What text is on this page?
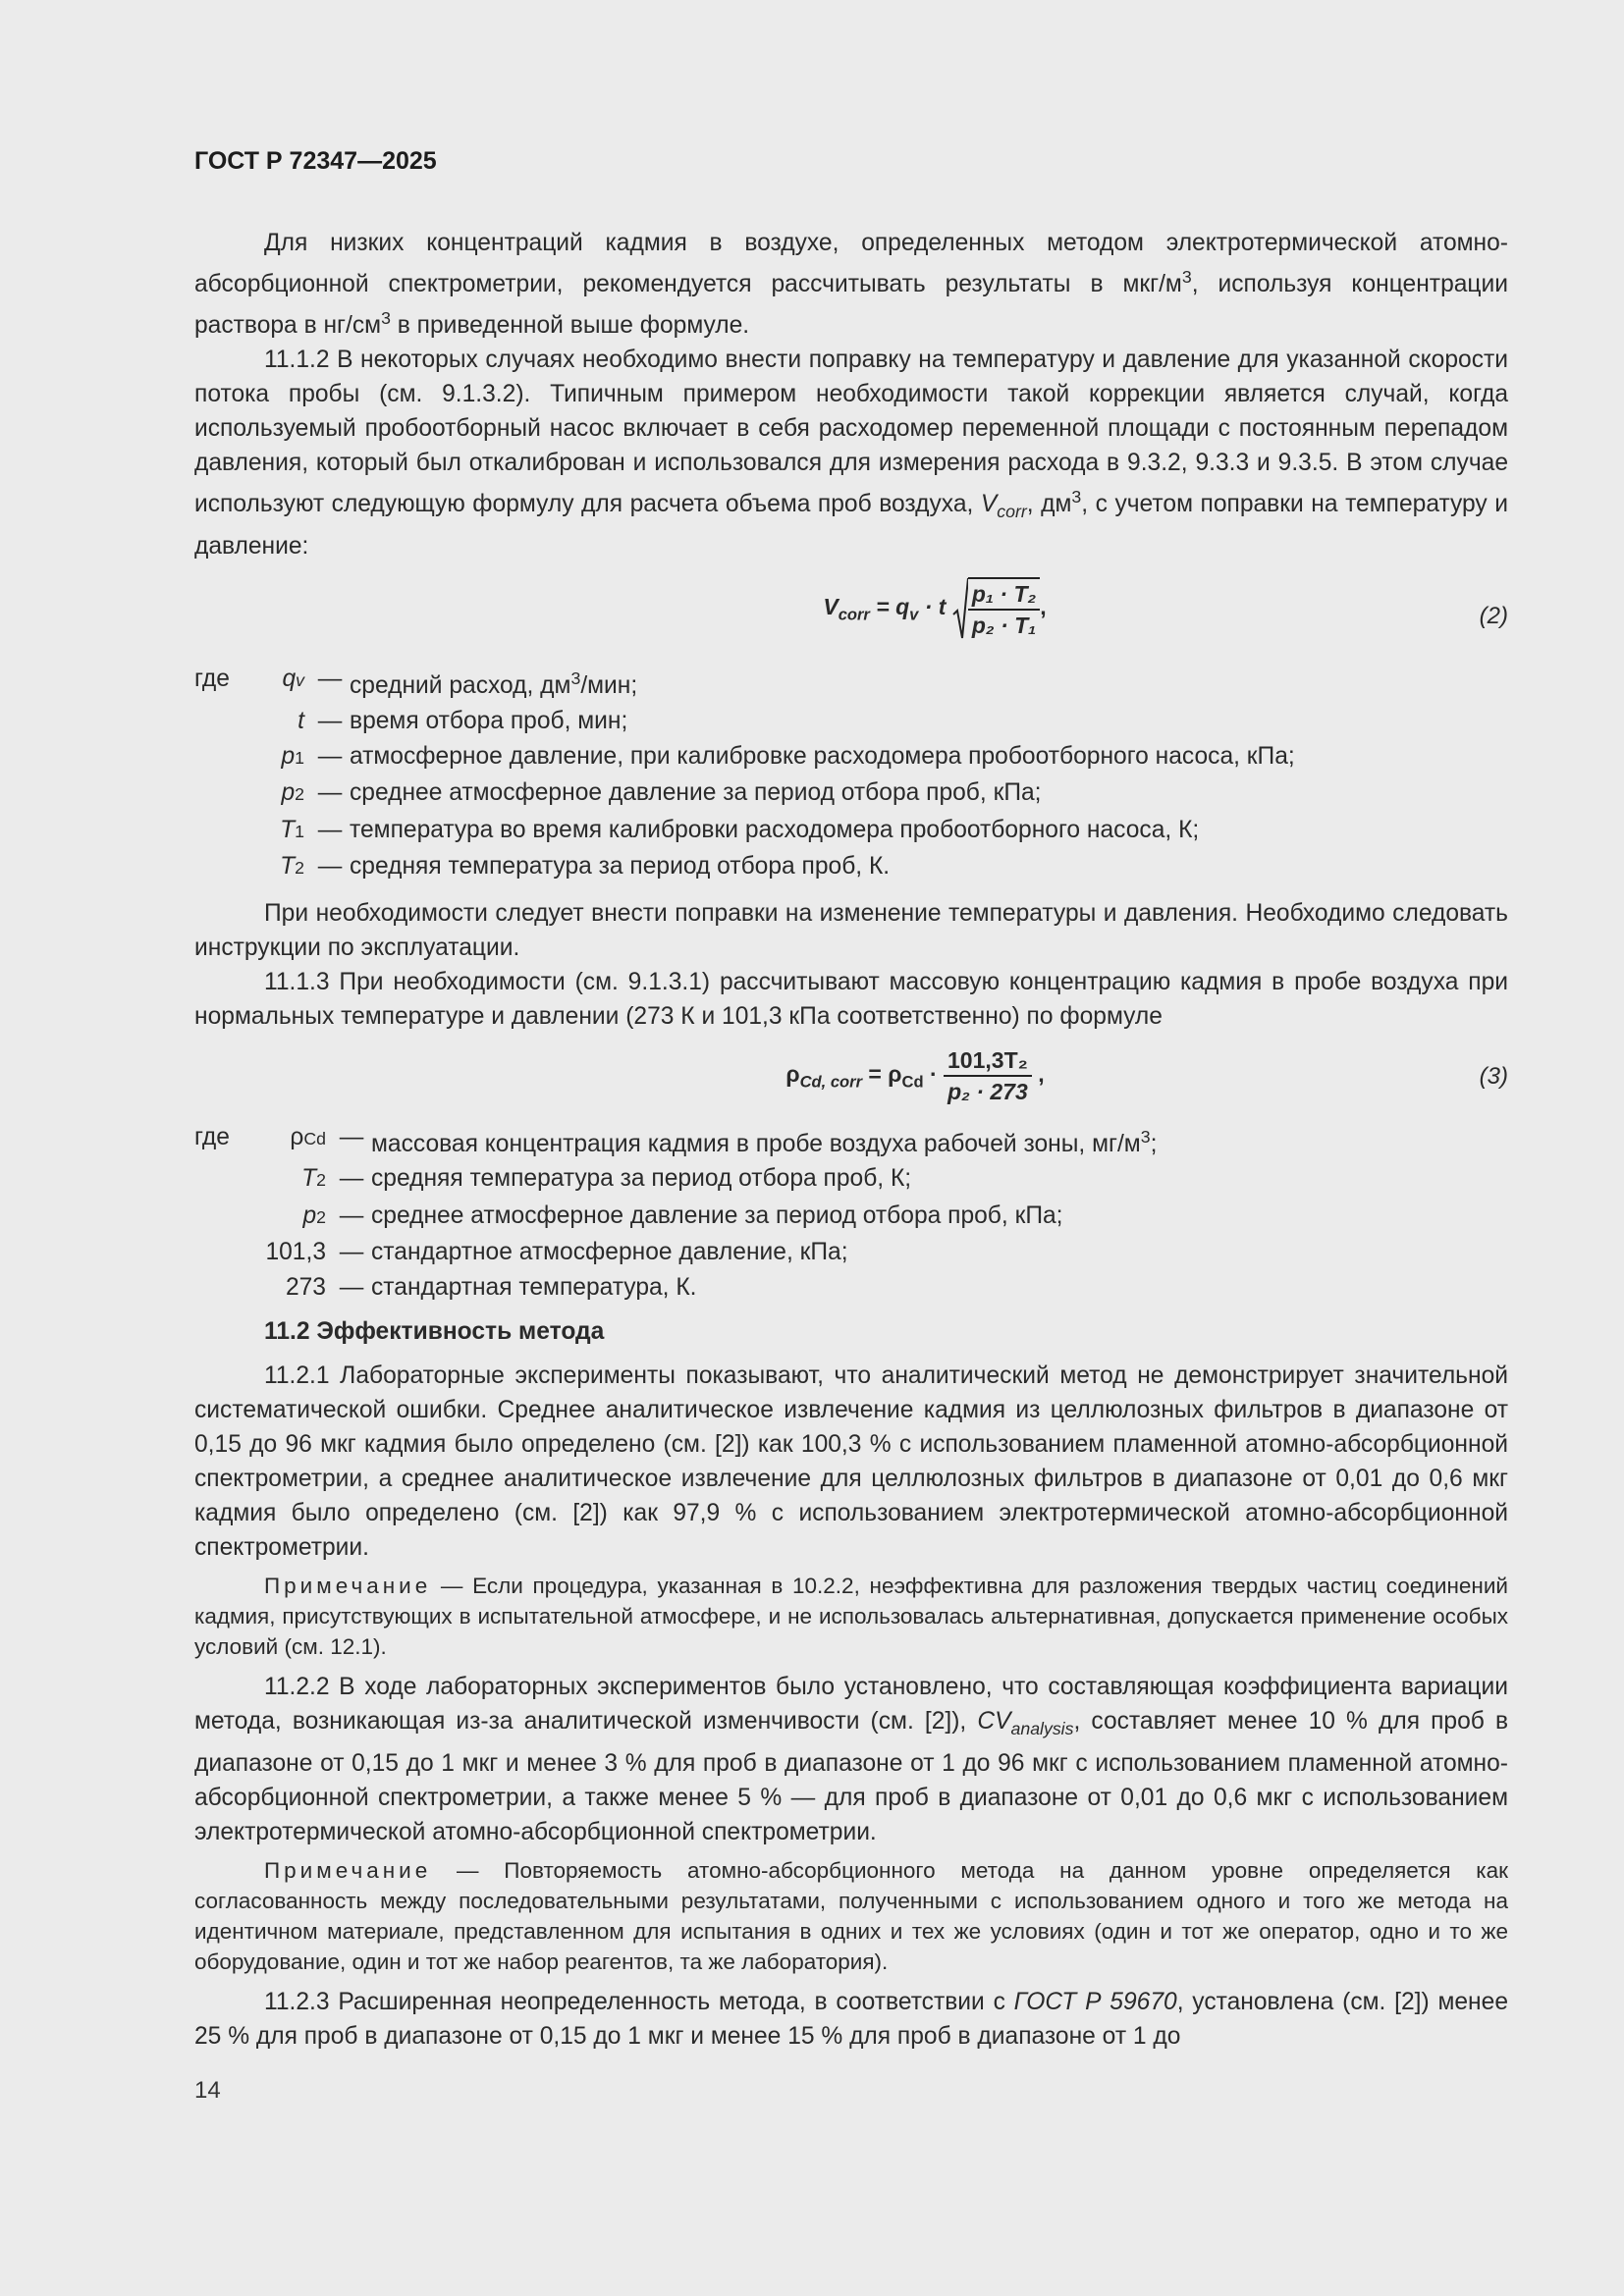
ГОСТ Р 72347—2025

Для низких концентраций кадмия в воздухе, определенных методом электротермической атомно-абсорбционной спектрометрии, рекомендуется рассчитывать результаты в мкг/$м^3$, используя концентрации раствора в $нг/см^3$ в приведенной выше формуле.

11.1.2 В некоторых случаях необходимо внести поправку на температуру и давление для указанной скорости потока пробы (см. 9.1.3.2). Типичным примером необходимости такой коррекции является случай, когда используемый пробоотборный насос включает в себя расходомер переменной площади с постоянным перепадом давления, который был откалиброван и использовался для измерения расхода в 9.3.2, 9.3.3 и 9.3.5. В этом случае используют следующую формулу для расчета объема проб воздуха, $V_{corr}$, $дм^3$, с учетом поправки на температуру и давление:

$V_{corr} = q_v \cdot t \frac{\text{p₁ · T₂}}{\text{p₂ · T₁}}$ ,	(2)
где q v — средний расход, $дм^3$/мин;
t — время отбора проб, мин;
p 1 — атмосферное давление, при калибровке расходомера пробоотборного насоса, кПа;
p 2 — среднее атмосферное давление за период отбора проб, кПа;
T 1 — температура во время калибровки расходомера пробоотборного насоса, К;
T 2 — средняя температура за период отбора проб, К.

При необходимости следует внести поправки на изменение температуры и давления. Необходимо следовать инструкции по эксплуатации.

11.1.3 При необходимости (см. 9.1.3.1) рассчитывают массовую концентрацию кадмия в пробе воздуха при нормальных температуре и давлении (273 К и 101,3 кПа соответственно) по формуле

$\rho_{Cd, corr} = \rho_{Cd} \cdot \frac{\text{101,3T₂}}{\text{p₂ · 273}}$ ,	(3)
где ρ Cd — массовая концентрация кадмия в пробе воздуха рабочей зоны, $мг/м^3$;
T 2 — средняя температура за период отбора проб, К;
p 2 — среднее атмосферное давление за период отбора проб, кПа;
101,3 — стандартное атмосферное давление, кПа;
273 — стандартная температура, К.

11.2 Эффективность метода

11.2.1 Лабораторные эксперименты показывают, что аналитический метод не демонстрирует значительной систематической ошибки. Среднее аналитическое извлечение кадмия из целлюлозных фильтров в диапазоне от 0,15 до 96 мкг кадмия было определено (см. [2]) как 100,3 % с использованием пламенной атомно-абсорбционной спектрометрии, а среднее аналитическое извлечение для целлюлозных фильтров в диапазоне от 0,01 до 0,6 мкг кадмия было определено (см. [2]) как 97,9 % с использованием электротермической атомно-абсорбционной спектрометрии.

Примечание — Если процедура, указанная в 10.2.2, неэффективна для разложения твердых частиц соединений кадмия, присутствующих в испытательной атмосфере, и не использовалась альтернативная, допускается применение особых условий (см. 12.1).

11.2.2 В ходе лабораторных экспериментов было установлено, что составляющая коэффициента вариации метода, возникающая из-за аналитической изменчивости (см. [2]), $CV_{analysis}$, составляет менее 10 % для проб в диапазоне от 0,15 до 1 мкг и менее 3 % для проб в диапазоне от 1 до 96 мкг с использованием пламенной атомно-абсорбционной спектрометрии, а также менее 5 % — для проб в диапазоне от 0,01 до 0,6 мкг с использованием электротермической атомно-абсорбционной спектрометрии.

Примечание — Повторяемость атомно-абсорбционного метода на данном уровне определяется как согласованность между последовательными результатами, полученными с использованием одного и того же метода на идентичном материале, представленном для испытания в одних и тех же условиях (один и тот же оператор, одно и то же оборудование, один и тот же набор реагентов, та же лаборатория).

11.2.3 Расширенная неопределенность метода, в соответствии с ГОСТ Р 59670, установлена (см. [2]) менее 25 % для проб в диапазоне от 0,15 до 1 мкг и менее 15 % для проб в диапазоне от 1 до

14
